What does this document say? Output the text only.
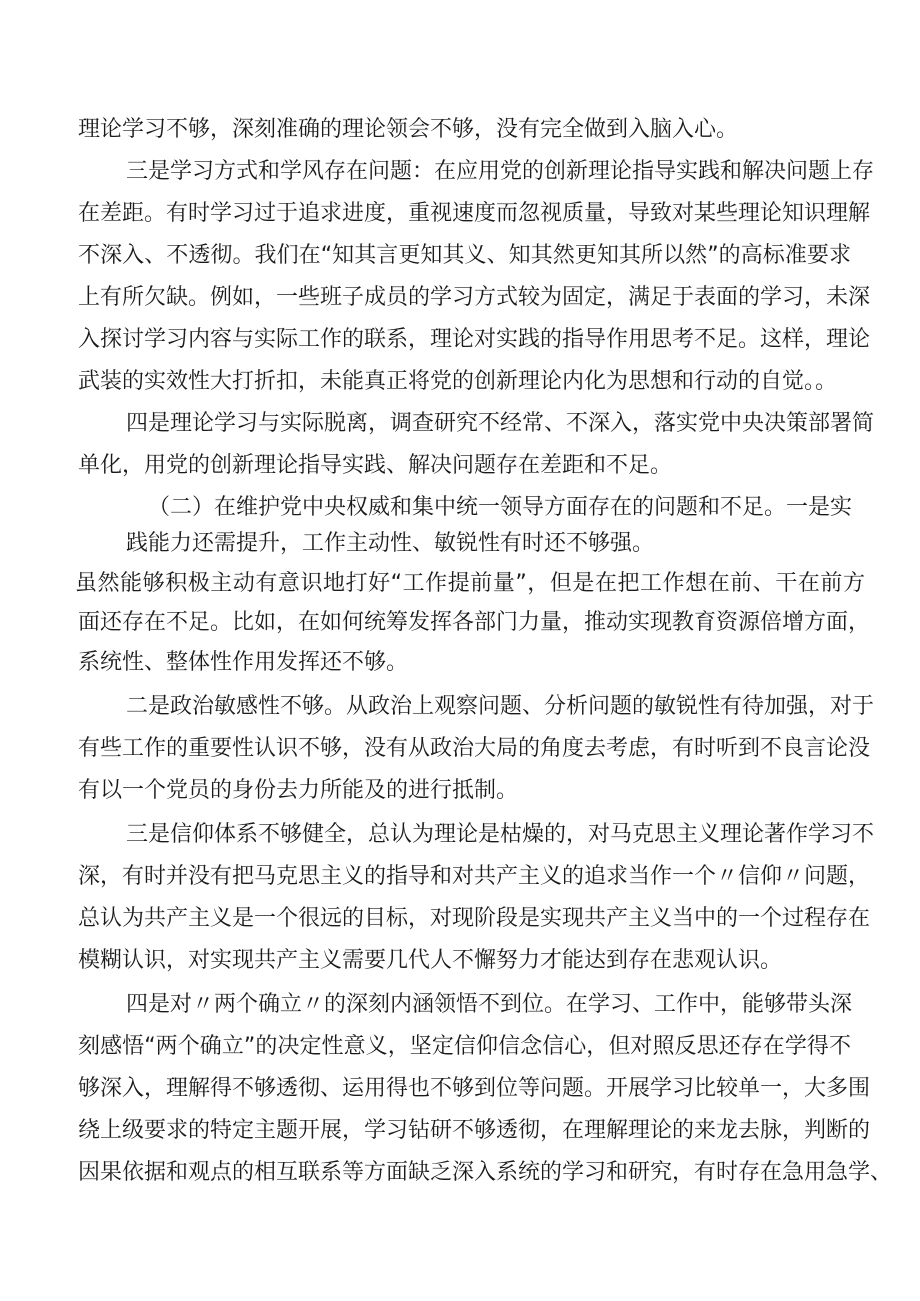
理论学习不够，深刻准确的理论领会不够，没有完全做到入脑入心。
三是学习方式和学风存在问题：在应用党的创新理论指导实践和解决问题上存
在差距。有时学习过于追求进度，重视速度而忽视质量，导致对某些理论知识理解
不深入、不透彻。我们在“知其言更知其义、知其然更知其所以然”的高标准要求
上有所欠缺。例如，一些班子成员的学习方式较为固定，满足于表面的学习，未深
入探讨学习内容与实际工作的联系，理论对实践的指导作用思考不足。这样，理论
武装的实效性大打折扣，未能真正将党的创新理论内化为思想和行动的自觉。。
四是理论学习与实际脱离，调查研究不经常、不深入，落实党中央决策部署简
单化，用党的创新理论指导实践、解决问题存在差距和不足。
（二）在维护党中央权威和集中统一领导方面存在的问题和不足。一是实
践能力还需提升，工作主动性、敏锐性有时还不够强。
虽然能够积极主动有意识地打好“工作提前量”，但是在把工作想在前、干在前方
面还存在不足。比如，在如何统筹发挥各部门力量，推动实现教育资源倍增方面，
系统性、整体性作用发挥还不够。
二是政治敏感性不够。从政治上观察问题、分析问题的敏锐性有待加强，对于
有些工作的重要性认识不够，没有从政治大局的角度去考虑，有时听到不良言论没
有以一个党员的身份去力所能及的进行抵制。
三是信仰体系不够健全，总认为理论是枯燥的，对马克思主义理论著作学习不
深，有时并没有把马克思主义的指导和对共产主义的追求当作一个〃信仰〃问题，
总认为共产主义是一个很远的目标，对现阶段是实现共产主义当中的一个过程存在
模糊认识，对实现共产主义需要几代人不懈努力才能达到存在悲观认识。
四是对〃两个确立〃的深刻内涵领悟不到位。在学习、工作中，能够带头深
刻感悟“两个确立”的决定性意义，坚定信仰信念信心，但对照反思还存在学得不
够深入，理解得不够透彻、运用得也不够到位等问题。开展学习比较单一，大多围
绕上级要求的特定主题开展，学习钻研不够透彻，在理解理论的来龙去脉，判断的
因果依据和观点的相互联系等方面缺乏深入系统的学习和研究，有时存在急用急学、
